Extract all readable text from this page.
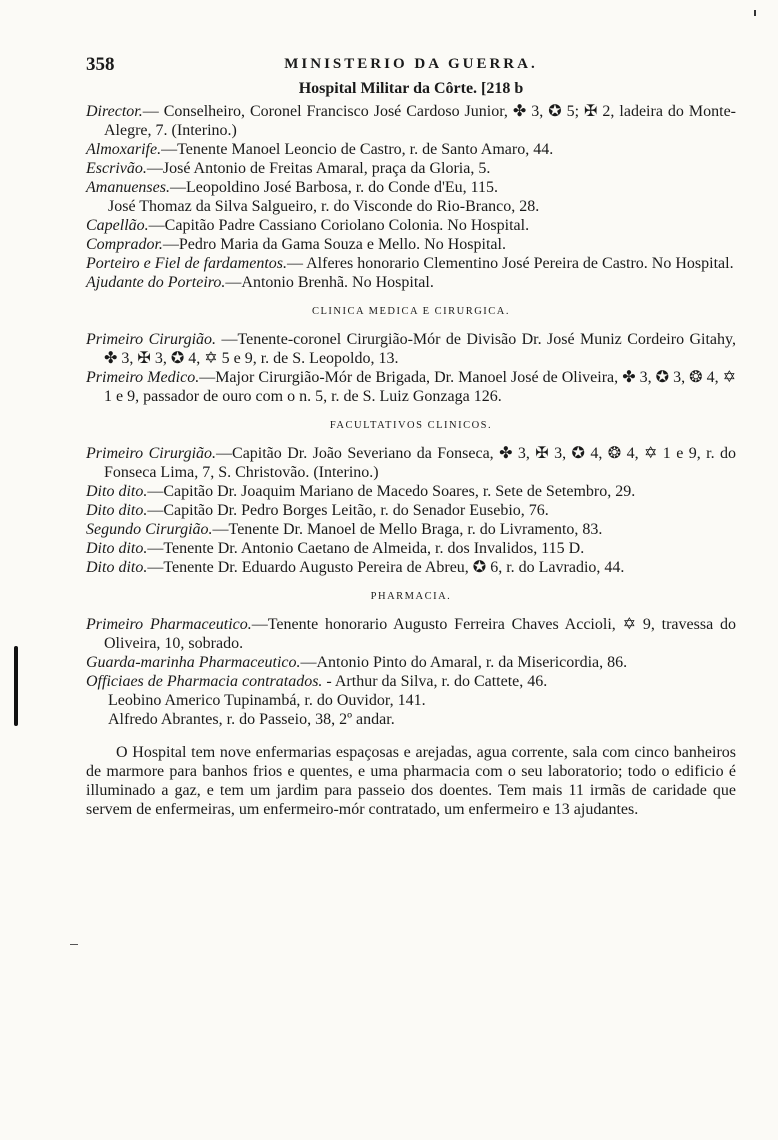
358	MINISTERIO DA GUERRA.
Hospital Militar da Côrte. [218 b
Director.— Conselheiro, Coronel Francisco José Cardoso Junior, ✤ 3, ✪ 5; ✠ 2, ladeira do Monte-Alegre, 7. (Interino.)
Almoxarife.—Tenente Manoel Leoncio de Castro, r. de Santo Amaro, 44.
Escrivão.—José Antonio de Freitas Amaral, praça da Gloria, 5.
Amanuenses.—Leopoldino José Barbosa, r. do Conde d'Eu, 115.
José Thomaz da Silva Salgueiro, r. do Visconde do Rio-Branco, 28.
Capellão.—Capitão Padre Cassiano Coriolano Colonia. No Hospital.
Comprador.—Pedro Maria da Gama Souza e Mello. No Hospital.
Porteiro e Fiel de fardamentos.— Alferes honorario Clementino José Pereira de Castro. No Hospital.
Ajudante do Porteiro.—Antonio Brenhã. No Hospital.
CLINICA MEDICA E CIRURGICA.
Primeiro Cirurgião. —Tenente-coronel Cirurgião-Mór de Divisão Dr. José Muniz Cordeiro Gitahy, ✤ 3, ✠ 3, ✪ 4, ✡ 5 e 9, r. de S. Leopoldo, 13.
Primeiro Medico.—Major Cirurgião-Mór de Brigada, Dr. Manoel José de Oliveira, ✤ 3, ✪ 3, ❂ 4, ✡ 1 e 9, passador de ouro com o n. 5, r. de S. Luiz Gonzaga 126.
FACULTATIVOS CLINICOS.
Primeiro Cirurgião.—Capitão Dr. João Severiano da Fonseca, ✤ 3, ✠ 3, ✪ 4, ❂ 4, ✡ 1 e 9, r. do Fonseca Lima, 7, S. Christovão. (Interino.)
Dito dito.—Capitão Dr. Joaquim Mariano de Macedo Soares, r. Sete de Setembro, 29.
Dito dito.—Capitão Dr. Pedro Borges Leitão, r. do Senador Eusebio, 76.
Segundo Cirurgião.—Tenente Dr. Manoel de Mello Braga, r. do Livramento, 83.
Dito dito.—Tenente Dr. Antonio Caetano de Almeida, r. dos Invalidos, 115 D.
Dito dito.—Tenente Dr. Eduardo Augusto Pereira de Abreu, ✪ 6, r. do Lavradio, 44.
PHARMACIA.
Primeiro Pharmaceutico.—Tenente honorario Augusto Ferreira Chaves Accioli, ✡ 9, travessa do Oliveira, 10, sobrado.
Guarda-marinha Pharmaceutico.—Antonio Pinto do Amaral, r. da Misericordia, 86.
Officiaes de Pharmacia contratados. - Arthur da Silva, r. do Cattete, 46.
Leobino Americo Tupinambá, r. do Ouvidor, 141.
Alfredo Abrantes, r. do Passeio, 38, 2º andar.
O Hospital tem nove enfermarias espaçosas e arejadas, agua corrente, sala com cinco banheiros de marmore para banhos frios e quentes, e uma pharmacia com o seu laboratorio; todo o edificio é illuminado a gaz, e tem um jardim para passeio dos doentes. Tem mais 11 irmãs de caridade que servem de enfermeiras, um enfermeiro-mór contratado, um enfermeiro e 13 ajudantes.
